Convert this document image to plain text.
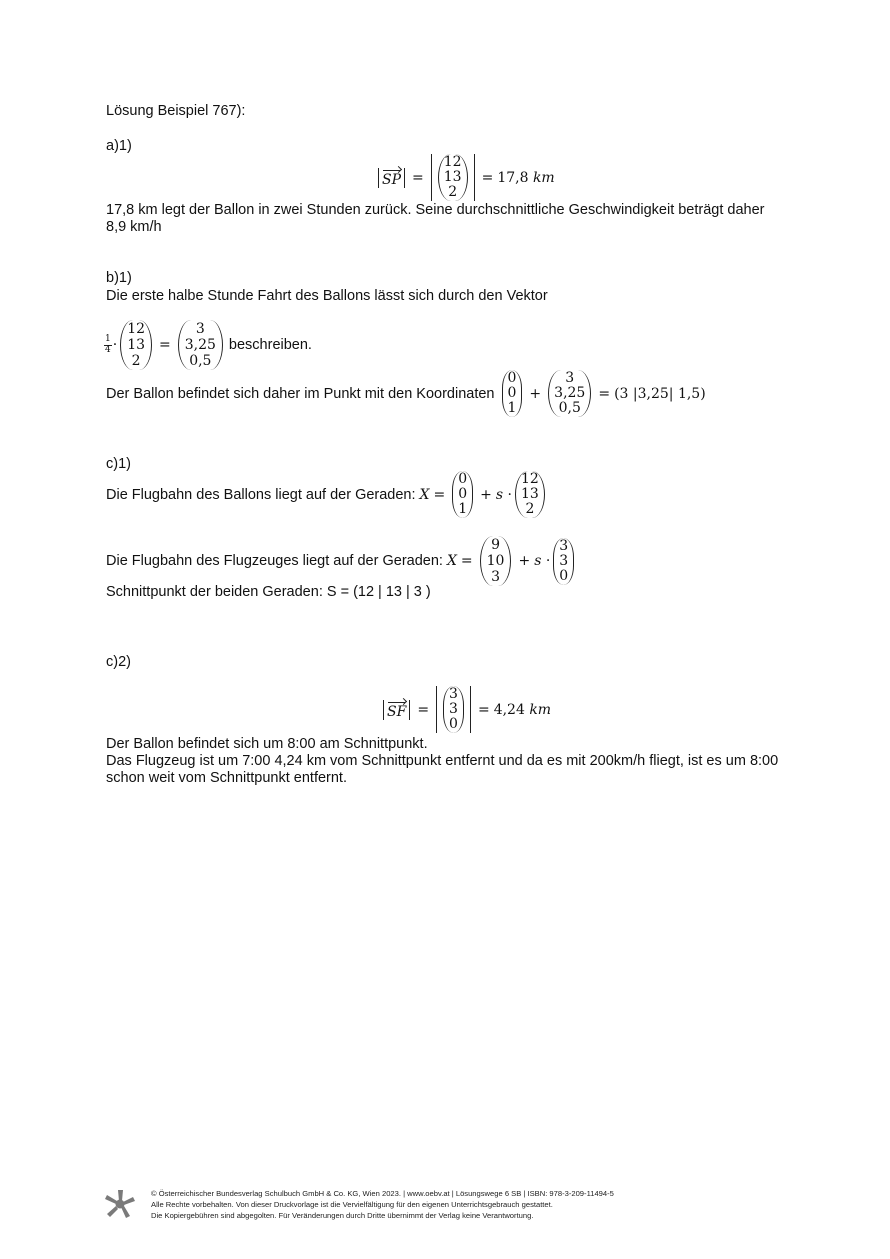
Lösung Beispiel 767):
a)1)
SP =
12
13
2
= 17,8
km
17,8 km legt der Ballon in zwei Stunden zurück. Seine durchschnittliche Geschwindigkeit beträgt daher
8,9 km/h
b)1)
Die erste halbe Stunde Fahrt des Ballons lässt sich durch den Vektor
$\frac{1}{4}$ ·
12
13
2
=
3
3,25
0,5
beschreiben.
Der Ballon befindet sich daher im Punkt mit den Koordinaten
0
0
1
+
3
3,25
0,5
= (3 |3,25| 1,5)
c)1)
Die Flugbahn des Ballons liegt auf der Geraden: X =
0
0
1
+ s ·
12
13
2
Die Flugbahn des Flugzeuges liegt auf der Geraden: X =
9
10
3
+ s ·
3
3
0
Schnittpunkt der beiden Geraden: S = (12 | 13 | 3 )
c)2)
SF =
3
3
0
= 4,24
km
Der Ballon befindet sich um 8:00 am Schnittpunkt.
Das Flugzeug ist um 7:00 4,24 km vom Schnittpunkt entfernt und da es mit 200km/h fliegt, ist es um 8:00
schon weit vom Schnittpunkt entfernt.
© Österreichischer Bundesverlag Schulbuch GmbH & Co. KG, Wien 2023. | www.oebv.at | Lösungswege 6 SB | ISBN: 978-3-209-11494-5
Alle Rechte vorbehalten. Von dieser Druckvorlage ist die Vervielfältigung für den eigenen Unterrichtsgebrauch gestattet.
Die Kopiergebühren sind abgegolten. Für Veränderungen durch Dritte übernimmt der Verlag keine Verantwortung.
